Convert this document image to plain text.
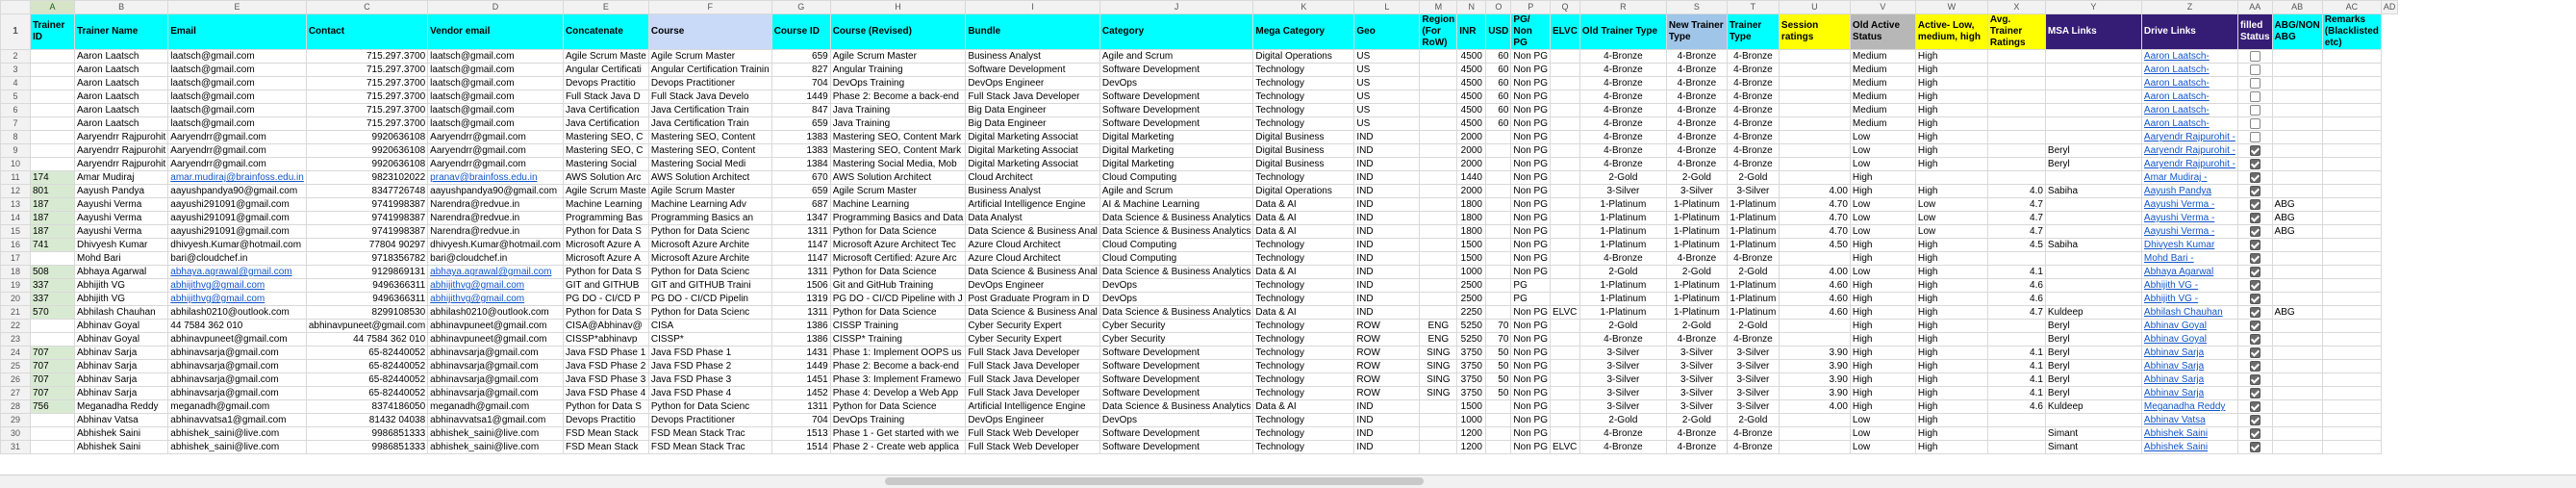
	A	B	E	C	D	E	F	G	H	I	J	K	L	M	N	O	P	Q	R	S	T	U	V	W	X	Y	Z	AA	AB	AC	AD
1	Trainer ID	Trainer Name	Email	Contact	Vendor email	Concatenate	Course	Course ID	Course (Revised)	Bundle	Category	Mega Category	Geo	Region (For RoW)	INR	USD	PG/ Non PG	ELVC	Old Trainer Type	New Trainer Type	Trainer Type	Session ratings	Old Active Status	Active- Low, medium, high	Avg. Trainer Ratings	MSA Links	Drive Links	filled Status	ABG/NON ABG	Remarks (Blacklisted etc)	
2		Aaron Laatsch	laatsch@gmail.com	715.297.3700	laatsch@gmail.com	Agile Scrum Maste	Agile Scrum Master	659	Agile Scrum Master	Business Analyst	Agile and Scrum	Digital Operations	US		4500	60	Non PG		4-Bronze	4-Bronze	4-Bronze		Medium	High			Aaron Laatsch-				
3		Aaron Laatsch	laatsch@gmail.com	715.297.3700	laatsch@gmail.com	Angular Certificati	Angular Certification Trainin	827	Angular Training	Software Development	Software Development	Technology	US		4500	60	Non PG		4-Bronze	4-Bronze	4-Bronze		Medium	High			Aaron Laatsch-				
4		Aaron Laatsch	laatsch@gmail.com	715.297.3700	laatsch@gmail.com	Devops Practitio	Devops Practitioner	704	DevOps Training	DevOps Engineer	DevOps	Technology	US		4500	60	Non PG		4-Bronze	4-Bronze	4-Bronze		Medium	High			Aaron Laatsch-				
5		Aaron Laatsch	laatsch@gmail.com	715.297.3700	laatsch@gmail.com	Full Stack Java D	Full Stack Java Develo	1449	Phase 2: Become a back-end	Full Stack Java Developer	Software Development	Technology	US		4500	60	Non PG		4-Bronze	4-Bronze	4-Bronze		Medium	High			Aaron Laatsch-				
6		Aaron Laatsch	laatsch@gmail.com	715.297.3700	laatsch@gmail.com	Java Certification	Java Certification Train	847	Java Training	Big Data Engineer	Software Development	Technology	US		4500	60	Non PG		4-Bronze	4-Bronze	4-Bronze		Medium	High			Aaron Laatsch-				
7		Aaron Laatsch	laatsch@gmail.com	715.297.3700	laatsch@gmail.com	Java Certification	Java Certification Train	659	Java Training	Big Data Engineer	Software Development	Technology	US		4500	60	Non PG		4-Bronze	4-Bronze	4-Bronze		Medium	High			Aaron Laatsch-				
8		Aaryendrr Rajpurohit	Aaryendrr@gmail.com	9920636108	Aaryendrr@gmail.com	Mastering SEO, C	Mastering SEO, Content	1383	Mastering SEO, Content Mark	Digital Marketing Associat	Digital Marketing	Digital Business	IND		2000		Non PG		4-Bronze	4-Bronze	4-Bronze		Low	High			Aaryendr Rajpurohit -				
9		Aaryendrr Rajpurohit	Aaryendrr@gmail.com	9920636108	Aaryendrr@gmail.com	Mastering SEO, C	Mastering SEO, Content	1383	Mastering SEO, Content Mark	Digital Marketing Associat	Digital Marketing	Digital Business	IND		2000		Non PG		4-Bronze	4-Bronze	4-Bronze		Low	High		Beryl	Aaryendr Rajpurohit -				
10		Aaryendrr Rajpurohit	Aaryendrr@gmail.com	9920636108	Aaryendrr@gmail.com	Mastering Social	Mastering Social Medi	1384	Mastering Social Media, Mob	Digital Marketing Associat	Digital Marketing	Digital Business	IND		2000		Non PG		4-Bronze	4-Bronze	4-Bronze		Low	High		Beryl	Aaryendr Rajpurohit -				
11	174	Amar Mudiraj	amar.mudiraj@brainfoss.edu.in	9823102022	pranav@brainfoss.edu.in	AWS Solution Arc	AWS Solution Architect	670	AWS Solution Architect	Cloud Architect	Cloud Computing	Technology	IND		1440		Non PG		2-Gold	2-Gold	2-Gold		High				Amar Mudiraj -				
12	801	Aayush Pandya	aayushpandya90@gmail.com	8347726748	aayushpandya90@gmail.com	Agile Scrum Maste	Agile Scrum Master	659	Agile Scrum Master	Business Analyst	Agile and Scrum	Digital Operations	IND		2000		Non PG		3-Silver	3-Silver	3-Silver	4.00	High	High	4.0	Sabiha	Aayush Pandya				
13	187	Aayushi Verma	aayushi291091@gmail.com	9741998387	Narendra@redvue.in	Machine Learning	Machine Learning Adv	687	Machine Learning	Artificial Intelligence Engine	AI & Machine Learning	Data & AI	IND		1800		Non PG		1-Platinum	1-Platinum	1-Platinum	4.70	Low	Low	4.7		Aayushi Verma -		ABG		
14	187	Aayushi Verma	aayushi291091@gmail.com	9741998387	Narendra@redvue.in	Programming Bas	Programming Basics an	1347	Programming Basics and Data	Data Analyst	Data Science & Business Analytics	Data & AI	IND		1800		Non PG		1-Platinum	1-Platinum	1-Platinum	4.70	Low	Low	4.7		Aayushi Verma -		ABG		
15	187	Aayushi Verma	aayushi291091@gmail.com	9741998387	Narendra@redvue.in	Python for Data S	Python for Data Scienc	1311	Python for Data Science	Data Science & Business Anal	Data Science & Business Analytics	Data & AI	IND		1800		Non PG		1-Platinum	1-Platinum	1-Platinum	4.70	Low	Low	4.7		Aayushi Verma -		ABG		
16	741	Dhivyesh Kumar	dhivyesh.Kumar@hotmail.com	77804 90297	dhivyesh.Kumar@hotmail.com	Microsoft Azure A	Microsoft Azure Archite	1147	Microsoft Azure Architect Tec	Azure Cloud Architect	Cloud Computing	Technology	IND		1500		Non PG		1-Platinum	1-Platinum	1-Platinum	4.50	High	High	4.5	Sabiha	Dhivyesh Kumar				
17		Mohd Bari	bari@cloudchef.in	9718356782	bari@cloudchef.in	Microsoft Azure A	Microsoft Azure Archite	1147	Microsoft Certified: Azure Arc	Azure Cloud Architect	Cloud Computing	Technology	IND		1500		Non PG		4-Bronze	4-Bronze	4-Bronze		High	High			Mohd Bari -				
18	508	Abhaya Agarwal	abhaya.agrawal@gmail.com	9129869131	abhaya.agrawal@gmail.com	Python for Data S	Python for Data Scienc	1311	Python for Data Science	Data Science & Business Anal	Data Science & Business Analytics	Data & AI	IND		1000		Non PG		2-Gold	2-Gold	2-Gold	4.00	Low	High	4.1		Abhaya Agarwal				
19	337	Abhijith VG	abhijithvg@gmail.com	9496366311	abhijithvg@gmail.com	GIT and GITHUB	GIT and GITHUB Traini	1506	Git and GitHub Training	DevOps Engineer	DevOps	Technology	IND		2500		PG		1-Platinum	1-Platinum	1-Platinum	4.60	High	High	4.6		Abhijith VG -				
20	337	Abhijith VG	abhijithvg@gmail.com	9496366311	abhijithvg@gmail.com	PG DO - CI/CD P	PG DO - CI/CD Pipelin	1319	PG DO - CI/CD Pipeline with J	Post Graduate Program in D	DevOps	Technology	IND		2500		PG		1-Platinum	1-Platinum	1-Platinum	4.60	High	High	4.6		Abhijith VG -				
21	570	Abhilash Chauhan	abhilash0210@outlook.com	8299108530	abhilash0210@outlook.com	Python for Data S	Python for Data Scienc	1311	Python for Data Science	Data Science & Business Anal	Data Science & Business Analytics	Data & AI	IND		2250		Non PG	ELVC	1-Platinum	1-Platinum	1-Platinum	4.60	High	High	4.7	Kuldeep	Abhilash Chauhan		ABG		
22		Abhinav Goyal	44 7584 362 010	abhinavpuneet@gmail.com	abhinavpuneet@gmail.com	CISA@Abhinav@	CISA	1386	CISSP Training	Cyber Security Expert	Cyber Security	Technology	ROW	ENG	5250	70	Non PG		2-Gold	2-Gold	2-Gold		High	High		Beryl	Abhinav Goyal				
23		Abhinav Goyal	abhinavpuneet@gmail.com	44 7584 362 010	abhinavpuneet@gmail.com	CISSP*abhinavp	CISSP*	1386	CISSP* Training	Cyber Security Expert	Cyber Security	Technology	ROW	ENG	5250	70	Non PG		4-Bronze	4-Bronze	4-Bronze		High	High		Beryl	Abhinav Goyal				
24	707	Abhinav Sarja	abhinavsarja@gmail.com	65-82440052	abhinavsarja@gmail.com	Java FSD Phase 1	Java FSD Phase 1	1431	Phase 1: Implement OOPS us	Full Stack Java Developer	Software Development	Technology	ROW	SING	3750	50	Non PG		3-Silver	3-Silver	3-Silver	3.90	High	High	4.1	Beryl	Abhinav Sarja				
25	707	Abhinav Sarja	abhinavsarja@gmail.com	65-82440052	abhinavsarja@gmail.com	Java FSD Phase 2	Java FSD Phase 2	1449	Phase 2: Become a back-end	Full Stack Java Developer	Software Development	Technology	ROW	SING	3750	50	Non PG		3-Silver	3-Silver	3-Silver	3.90	High	High	4.1	Beryl	Abhinav Sarja				
26	707	Abhinav Sarja	abhinavsarja@gmail.com	65-82440052	abhinavsarja@gmail.com	Java FSD Phase 3	Java FSD Phase 3	1451	Phase 3: Implement Framewo	Full Stack Java Developer	Software Development	Technology	ROW	SING	3750	50	Non PG		3-Silver	3-Silver	3-Silver	3.90	High	High	4.1	Beryl	Abhinav Sarja				
27	707	Abhinav Sarja	abhinavsarja@gmail.com	65-82440052	abhinavsarja@gmail.com	Java FSD Phase 4	Java FSD Phase 4	1452	Phase 4: Develop a Web App	Full Stack Java Developer	Software Development	Technology	ROW	SING	3750	50	Non PG		3-Silver	3-Silver	3-Silver	3.90	High	High	4.1	Beryl	Abhinav Sarja				
28	756	Meganadha Reddy	meganadh@gmail.com	8374186050	meganadh@gmail.com	Python for Data S	Python for Data Scienc	1311	Python for Data Science	Artificial Intelligence Engine	Data Science & Business Analytics	Data & AI	IND		1500		Non PG		3-Silver	3-Silver	3-Silver	4.00	High	High	4.6	Kuldeep	Meganadha Reddy				
29		Abhinav Vatsa	abhinavvatsa1@gmail.com	81432 04038	abhinavvatsa1@gmail.com	Devops Practitio	Devops Practitioner	704	DevOps Training	DevOps Engineer	DevOps	Technology	IND		1000		Non PG		2-Gold	2-Gold	2-Gold		Low	High			Abhinav Vatsa				
30		Abhishek Saini	abhishek_saini@live.com	9986851333	abhishek_saini@live.com	FSD Mean Stack	FSD Mean Stack Trac	1513	Phase 1 - Get started with we	Full Stack Web Developer	Software Development	Technology	IND		1200		Non PG		4-Bronze	4-Bronze	4-Bronze		Low	High		Simant	Abhishek Saini				
31		Abhishek Saini	abhishek_saini@live.com	9986851333	abhishek_saini@live.com	FSD Mean Stack	FSD Mean Stack Trac	1514	Phase 2 - Create web applica	Full Stack Web Developer	Software Development	Technology	IND		1200		Non PG	ELVC	4-Bronze	4-Bronze	4-Bronze		Low	High		Simant	Abhishek Saini				
